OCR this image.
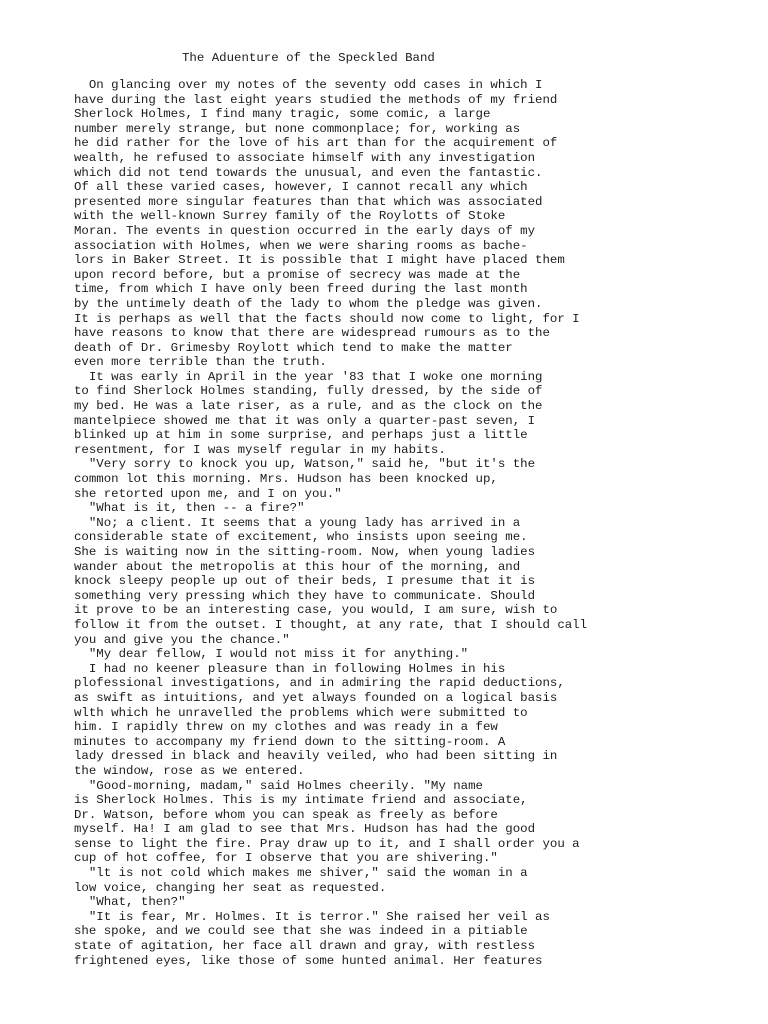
The Aduenture of the Speckled Band
On glancing over my notes of the seventy odd cases in which I
have during the last eight years studied the methods of my friend
Sherlock Holmes, I find many tragic, some comic, a large
number merely strange, but none commonplace; for, working as
he did rather for the love of his art than for the acquirement of
wealth, he refused to associate himself with any investigation
which did not tend towards the unusual, and even the fantastic.
Of all these varied cases, however, I cannot recall any which
presented more singular features than that which was associated
with the well-known Surrey family of the Roylotts of Stoke
Moran. The events in question occurred in the early days of my
association with Holmes, when we were sharing rooms as bache-
lors in Baker Street. It is possible that I might have placed them
upon record before, but a promise of secrecy was made at the
time, from which I have only been freed during the last month
by the untimely death of the lady to whom the pledge was given.
It is perhaps as well that the facts should now come to light, for I
have reasons to know that there are widespread rumours as to the
death of Dr. Grimesby Roylott which tend to make the matter
even more terrible than the truth.
It was early in April in the year '83 that I woke one morning
to find Sherlock Holmes standing, fully dressed, by the side of
my bed. He was a late riser, as a rule, and as the clock on the
mantelpiece showed me that it was only a quarter-past seven, I
blinked up at him in some surprise, and perhaps just a little
resentment, for I was myself regular in my habits.
"Very sorry to knock you up, Watson," said he, "but it's the
common lot this morning. Mrs. Hudson has been knocked up,
she retorted upon me, and I on you."
"What is it, then -- a fire?"
"No; a client. It seems that a young lady has arrived in a
considerable state of excitement, who insists upon seeing me.
She is waiting now in the sitting-room. Now, when young ladies
wander about the metropolis at this hour of the morning, and
knock sleepy people up out of their beds, I presume that it is
something very pressing which they have to communicate. Should
it prove to be an interesting case, you would, I am sure, wish to
follow it from the outset. I thought, at any rate, that I should call
you and give you the chance."
"My dear fellow, I would not miss it for anything."
I had no keener pleasure than in following Holmes in his
plofessional investigations, and in admiring the rapid deductions,
as swift as intuitions, and yet always founded on a logical basis
wlth which he unravelled the problems which were submitted to
him. I rapidly threw on my clothes and was ready in a few
minutes to accompany my friend down to the sitting-room. A
lady dressed in black and heavily veiled, who had been sitting in
the window, rose as we entered.
"Good-morning, madam," said Holmes cheerily. "My name
is Sherlock Holmes. This is my intimate friend and associate,
Dr. Watson, before whom you can speak as freely as before
myself. Ha! I am glad to see that Mrs. Hudson has had the good
sense to light the fire. Pray draw up to it, and I shall order you a
cup of hot coffee, for I observe that you are shivering."
"lt is not cold which makes me shiver," said the woman in a
low voice, changing her seat as requested.
"What, then?"
"It is fear, Mr. Holmes. It is terror." She raised her veil as
she spoke, and we could see that she was indeed in a pitiable
state of agitation, her face all drawn and gray, with restless
frightened eyes, like those of some hunted animal. Her features
